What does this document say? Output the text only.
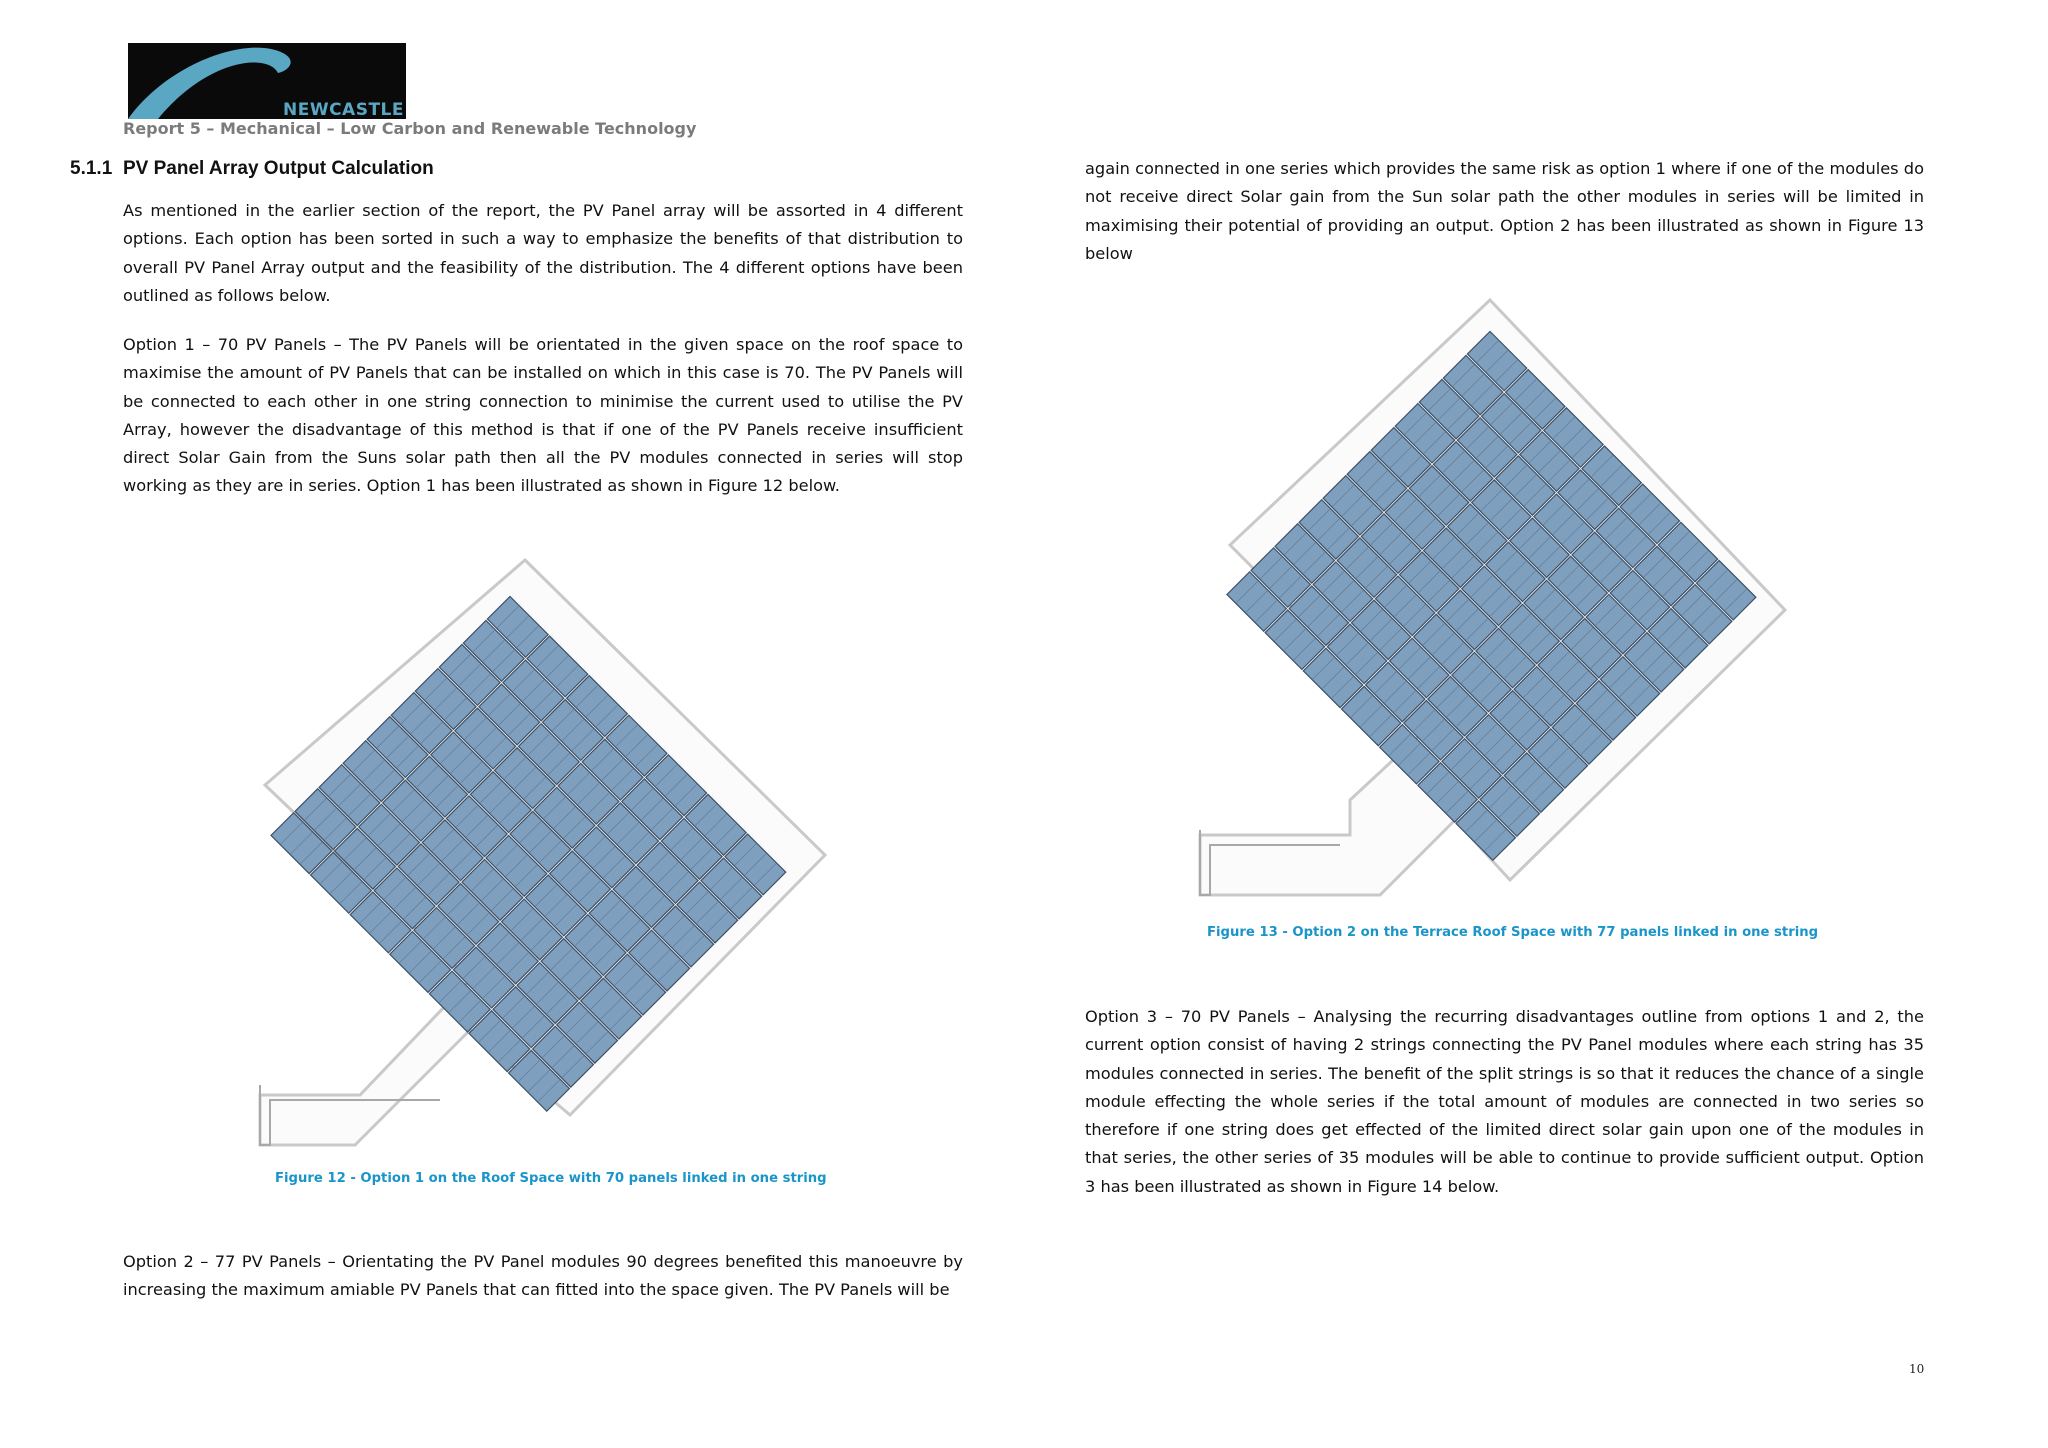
NEWCASTLE
Report 5 – Mechanical – Low Carbon and Renewable Technology
5.1.1 PV Panel Array Output Calculation

As mentioned in the earlier section of the report, the PV Panel array will be assorted in 4 different options. Each option has been sorted in such a way to emphasize the benefits of that distribution to overall PV Panel Array output and the feasibility of the distribution. The 4 different options have been outlined as follows below.

Option 1 – 70 PV Panels – The PV Panels will be orientated in the given space on the roof space to maximise the amount of PV Panels that can be installed on which in this case is 70. The PV Panels will be connected to each other in one string connection to minimise the current used to utilise the PV Array, however the disadvantage of this method is that if one of the PV Panels receive insufficient direct Solar Gain from the Suns solar path then all the PV modules connected in series will stop working as they are in series. Option 1 has been illustrated as shown in Figure 12 below.

Figure 12 - Option 1 on the Roof Space with 70 panels linked in one string

Option 2 – 77 PV Panels – Orientating the PV Panel modules 90 degrees benefited this manoeuvre by increasing the maximum amiable PV Panels that can fitted into the space given. The PV Panels will be

again connected in one series which provides the same risk as option 1 where if one of the modules do not receive direct Solar gain from the Sun solar path the other modules in series will be limited in maximising their potential of providing an output. Option 2 has been illustrated as shown in Figure 13 below

Figure 13 - Option 2 on the Terrace Roof Space with 77 panels linked in one string

Option 3 – 70 PV Panels – Analysing the recurring disadvantages outline from options 1 and 2, the current option consist of having 2 strings connecting the PV Panel modules where each string has 35 modules connected in series. The benefit of the split strings is so that it reduces the chance of a single module effecting the whole series if the total amount of modules are connected in two series so therefore if one string does get effected of the limited direct solar gain upon one of the modules in that series, the other series of 35 modules will be able to continue to provide sufficient output. Option 3 has been illustrated as shown in Figure 14 below.

10
